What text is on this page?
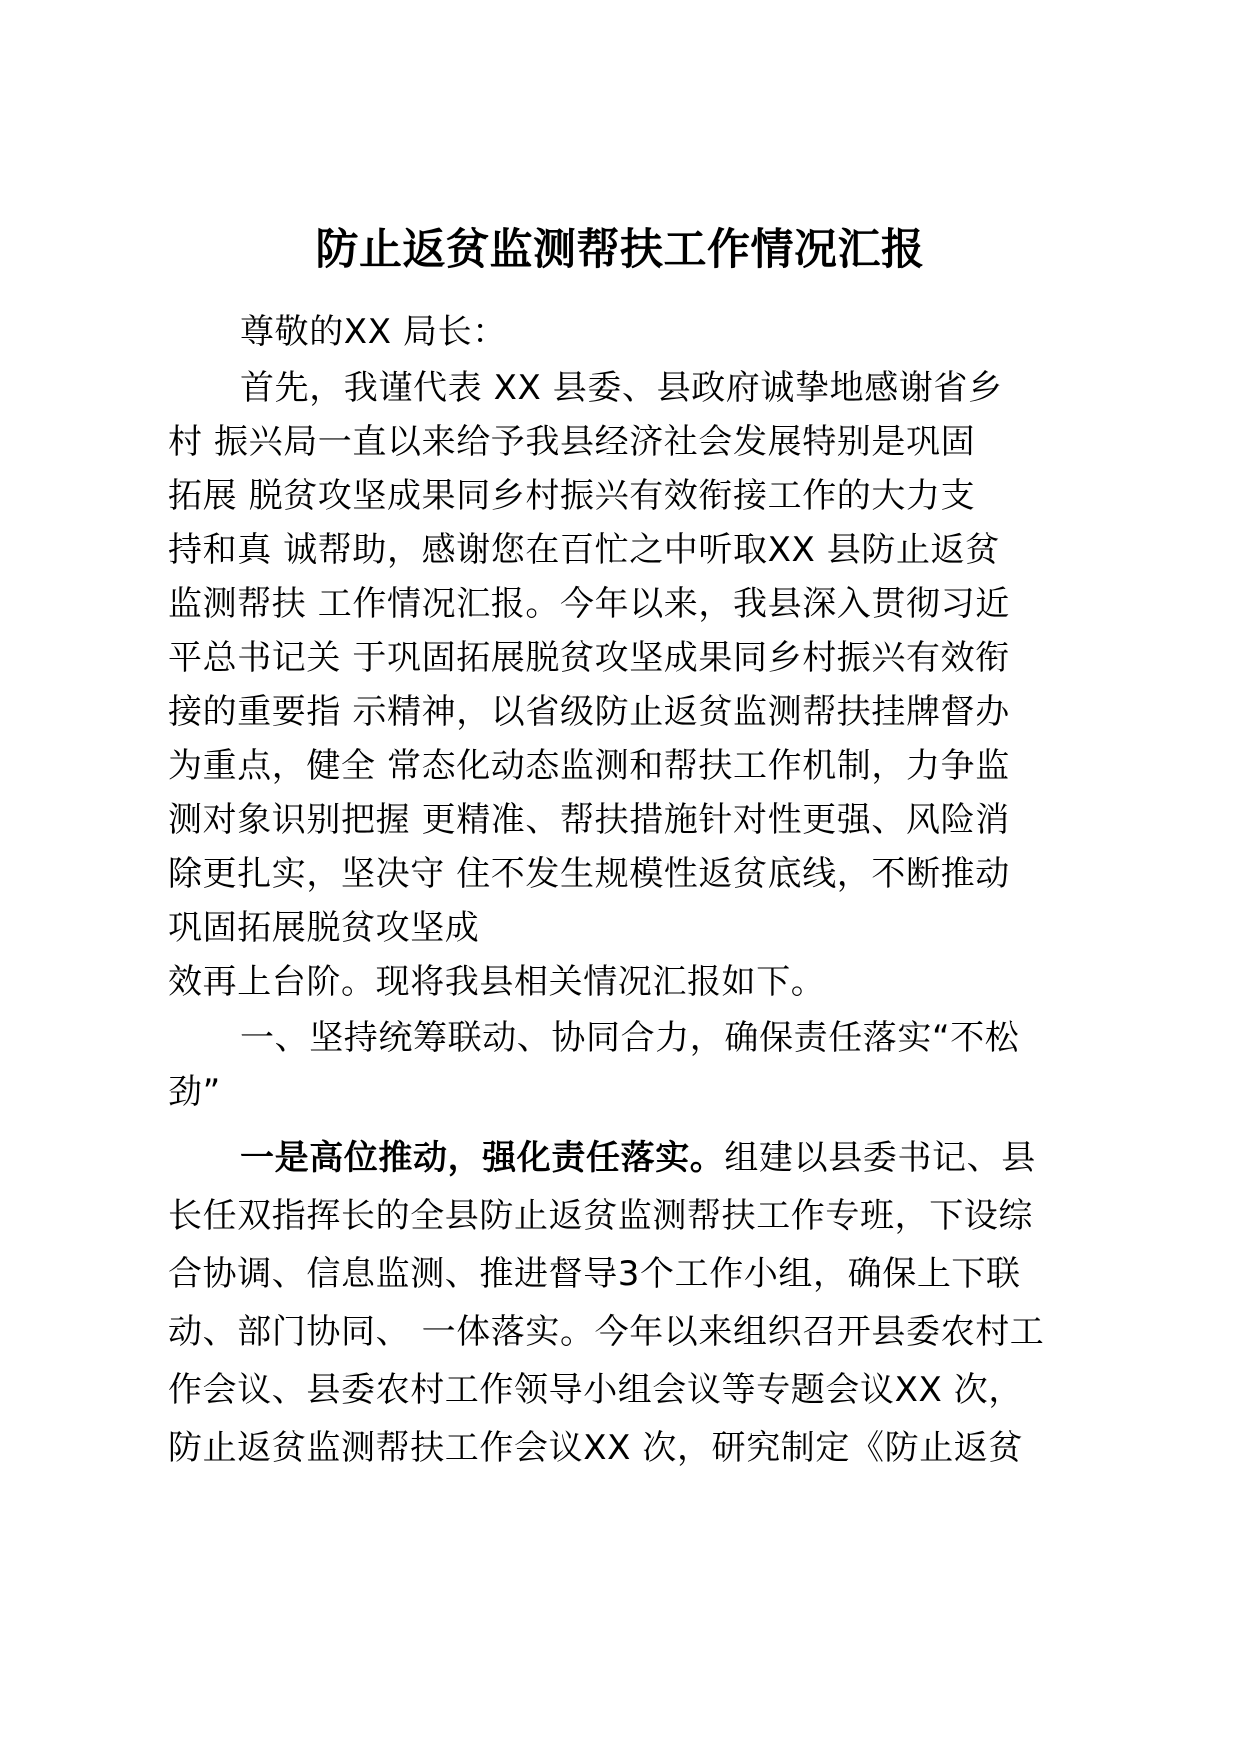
防止返贫监测帮扶工作情况汇报
尊敬的XX 局长：
首先，我谨代表 XX 县委、县政府诚挚地感谢省乡
村 振兴局一直以来给予我县经济社会发展特别是巩固
拓展 脱贫攻坚成果同乡村振兴有效衔接工作的大力支
持和真 诚帮助，感谢您在百忙之中听取XX 县防止返贫
监测帮扶 工作情况汇报。今年以来，我县深入贯彻习近
平总书记关 于巩固拓展脱贫攻坚成果同乡村振兴有效衔
接的重要指 示精神，以省级防止返贫监测帮扶挂牌督办
为重点，健全 常态化动态监测和帮扶工作机制，力争监
测对象识别把握 更精准、帮扶措施针对性更强、风险消
除更扎实，坚决守 住不发生规模性返贫底线，不断推动
巩固拓展脱贫攻坚成
效再上台阶。现将我县相关情况汇报如下。
一、坚持统筹联动、协同合力，确保责任落实“不松
劲”
一是高位推动，强化责任落实。组建以县委书记、县
长任双指挥长的全县防止返贫监测帮扶工作专班，下设综
合协调、信息监测、推进督导3个工作小组，确保上下联
动、部门协同、 一体落实。今年以来组织召开县委农村工
作会议、县委农村工作领导小组会议等专题会议XX 次，
防止返贫监测帮扶工作会议XX 次，研究制定《防止返贫
